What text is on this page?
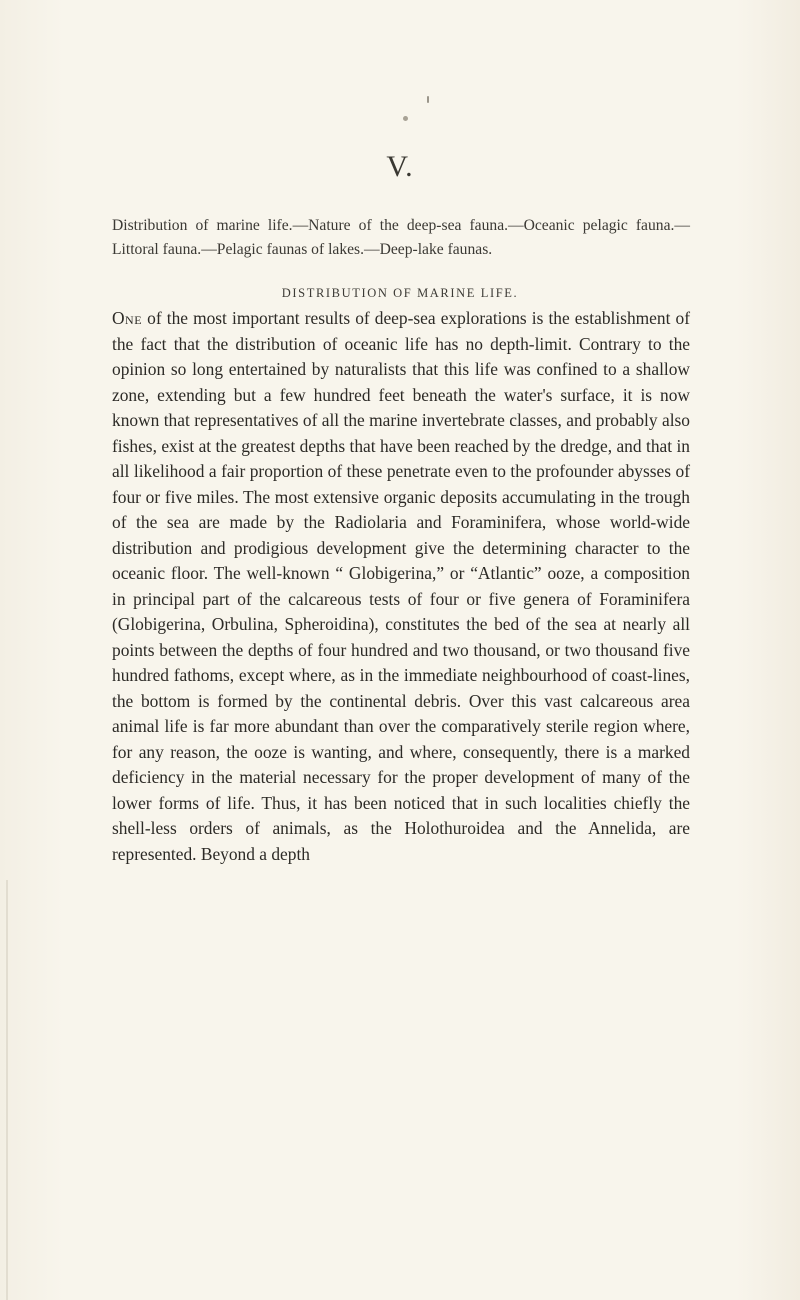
V.
Distribution of marine life.—Nature of the deep-sea fauna.—Oceanic pelagic fauna.—Littoral fauna.—Pelagic faunas of lakes.—Deep-lake faunas.
DISTRIBUTION OF MARINE LIFE.

One of the most important results of deep-sea explorations is the establishment of the fact that the distribution of oceanic life has no depth-limit. Contrary to the opinion so long entertained by naturalists that this life was confined to a shallow zone, extending but a few hundred feet beneath the water's surface, it is now known that representatives of all the marine invertebrate classes, and probably also fishes, exist at the greatest depths that have been reached by the dredge, and that in all likelihood a fair proportion of these penetrate even to the profounder abysses of four or five miles. The most extensive organic deposits accumulating in the trough of the sea are made by the Radiolaria and Foraminifera, whose world-wide distribution and prodigious development give the determining character to the oceanic floor. The well-known “ Globigerina,” or “Atlantic” ooze, a composition in principal part of the calcareous tests of four or five genera of Foraminifera (Globigerina, Orbulina, Spheroidina), constitutes the bed of the sea at nearly all points between the depths of four hundred and two thousand, or two thousand five hundred fathoms, except where, as in the immediate neighbourhood of coast-lines, the bottom is formed by the continental debris. Over this vast calcareous area animal life is far more abundant than over the comparatively sterile region where, for any reason, the ooze is wanting, and where, consequently, there is a marked deficiency in the material necessary for the proper development of many of the lower forms of life. Thus, it has been noticed that in such localities chiefly the shell-less orders of animals, as the Holothuroidea and the Annelida, are represented. Beyond a depth
